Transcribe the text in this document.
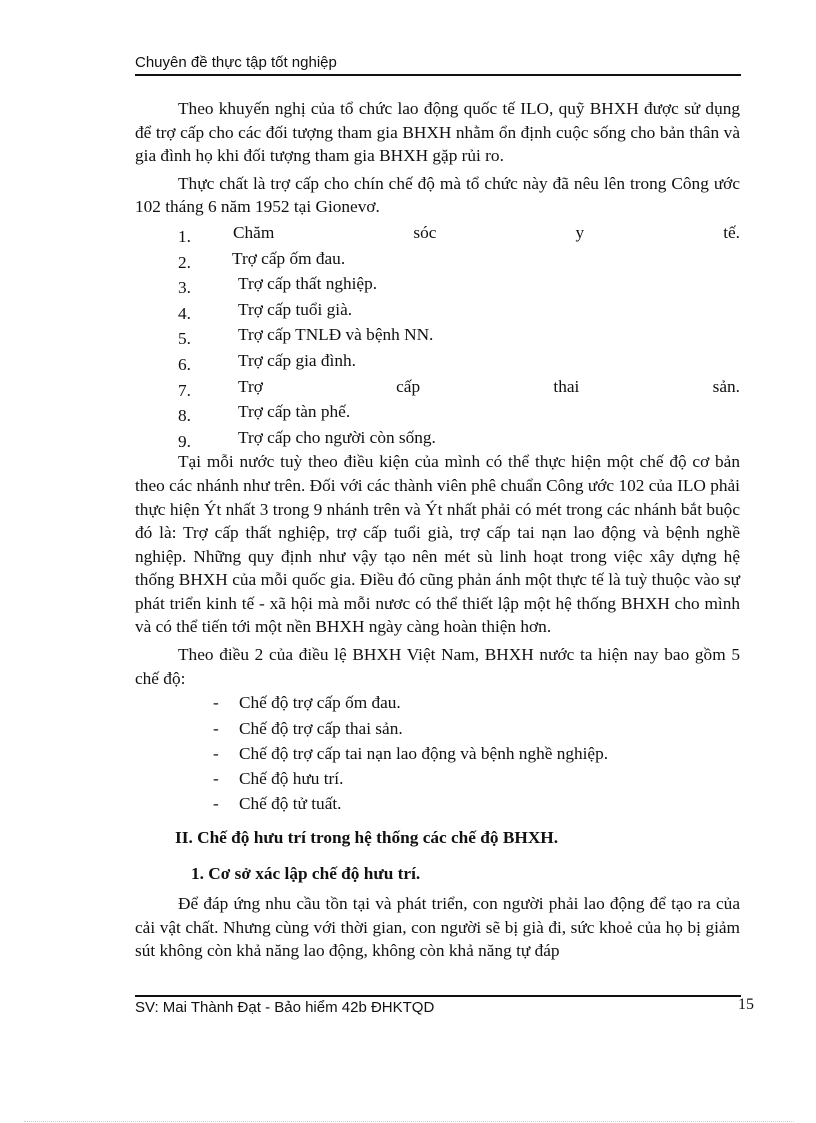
Chuyên đề thực tập tốt nghiệp

Theo khuyến nghị của tổ chức lao động quốc tế ILO, quỹ BHXH được sử dụng để trợ cấp cho các đối tượng tham gia BHXH nhằm ổn định cuộc sống cho bản thân và gia đình họ khi đối tượng tham gia BHXH gặp rủi ro.

Thực chất là trợ cấp cho chín chế độ mà tổ chức này đã nêu lên trong Công ước 102 tháng 6 năm 1952 tại Gionevơ.

1. Chăm	sóc	y	tế.
2. Trợ cấp ốm đau.
3.	Trợ cấp thất nghiệp.
4.	Trợ cấp tuổi già.
5.	Trợ cấp TNLĐ và bệnh NN.
6.	Trợ cấp gia đình.
7.	Trợ	cấp	thai	sản.
8.	Trợ cấp tàn phế.
9.	Trợ cấp cho người còn sống.

Tại mỗi nước tuỳ theo điều kiện của mình có thể thực hiện một chế độ cơ bản theo các nhánh như trên. Đối với các thành viên phê chuẩn Công ước 102 của ILO phải thực hiện Ýt nhất 3 trong 9 nhánh trên và Ýt nhất phải có mét trong các nhánh bắt buộc đó là: Trợ cấp thất nghiệp, trợ cấp tuổi già, trợ cấp tai nạn lao động và bệnh nghề nghiệp. Những quy định như vậy tạo nên mét sù linh hoạt trong việc xây dựng hệ thống BHXH của mỗi quốc gia. Điều đó cũng phản ánh một thực tế là tuỳ thuộc vào sự phát triển kinh tế - xã hội mà mỗi nươc có thể thiết lập một hệ thống BHXH cho mình và có thể tiến tới một nền BHXH ngày càng hoàn thiện hơn.

Theo điều 2 của điều lệ BHXH Việt Nam, BHXH nước ta hiện nay bao gồm 5 chế độ:

- Chế độ trợ cấp ốm đau.
- Chế độ trợ cấp thai sản.
- Chế độ trợ cấp tai nạn lao động và bệnh nghề nghiệp.
- Chế độ hưu trí.
- Chế độ tử tuất.

II. Chế độ hưu trí trong hệ thống các chế độ BHXH.

1. Cơ sở xác lập chế độ hưu trí.

Để đáp ứng nhu cầu tồn tại và phát triển, con người phải lao động để tạo ra của cải vật chất. Nhưng cùng với thời gian, con người sẽ bị già đi, sức khoẻ của họ bị giảm sút không còn khả năng lao động, không còn khả năng tự đáp

SV: Mai Thành Đạt - Bảo hiểm 42b ĐHKTQD	15
